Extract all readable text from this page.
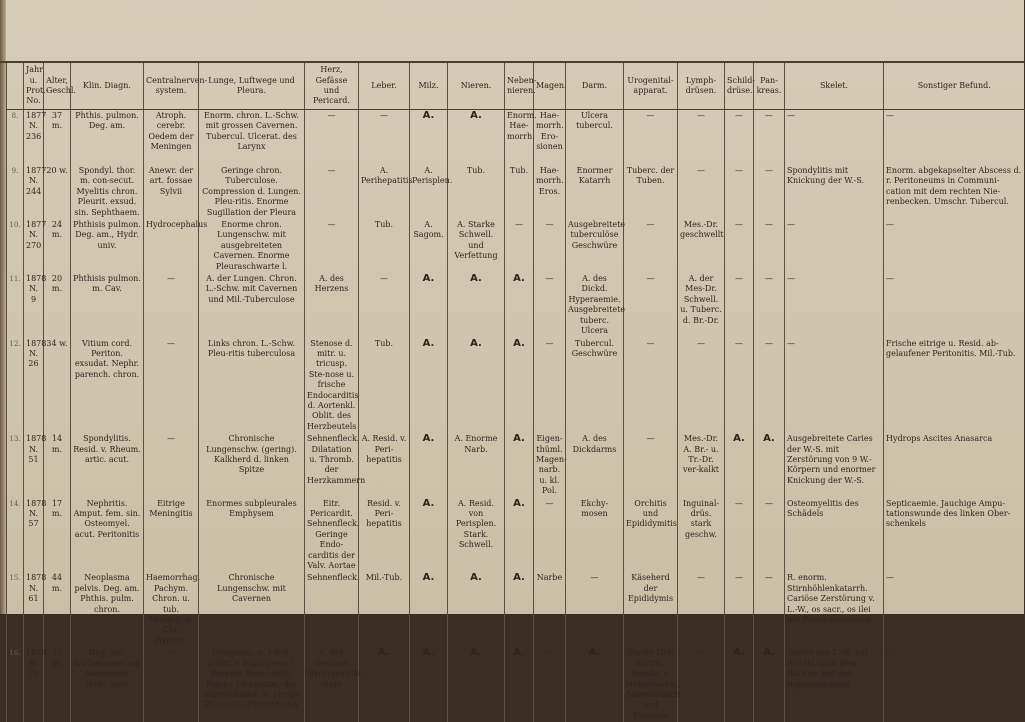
	Jahr u. Prot.-No.	Alter, Geschl.	Klin. Diagn.	Centralnerven-system.	Lunge, Luftwege und Pleura.	Herz, Gefässe und Pericard.	Leber.	Milz.	Nieren.	Neben-nieren.	Magen.	Darm.	Urogenital-apparat.	Lymph-drüsen.	Schild-drüse.	Pan-kreas.	Skelet.	Sonstiger Befund.
8.	1877 N. 236	37 m.	Phthis. pulmon. Deg. am.	Atroph. cerebr. Oedem der Meningen	Enorm. chron. L.-Schw. mit grossen Cavernen. Tubercul. Ulcerat. des Larynx	—	—	A.	A.	Enorm. Hae-morrh.	Hae-morrh. Ero-sionen	Ulcera tubercul.	—	—	—	—	—	—
9.	1877 N. 244	20 w.	Spondyl. thor. m. con-secut. Myelitis chron. Pleurit. exsud. sin. Sephthaem.	Anewr. der art. fossae Sylvii	Geringe chron. Tuberculose. Compression d. Lungen. Pleu-ritis. Enorme Sugillation der Pleura	—	A. Perihepatitis	A. Perisplen.	Tub.	Tub.	Hae-morrh. Eros.	Enormer Katarrh	Tuberc. der Tuben.	—	—	—	Spondylitis mit Knickung der W.-S.	Enorm. abgekapselter Abscess d. r. Peritoneums in Communi-cation mit dem rechten Nie-renbecken. Umschr. Tubercul.
10.	1877 N. 270	24 m.	Phthisis pulmon. Deg. am., Hydr. univ.	Hydrocephalus	Enorme chron. Lungenschw. mit ausgebreiteten Cavernen. Enorme Pleuraschwarte l.	—	Tub.	A. Sagom.	A. Starke Schwell. und Verfettung	—	—	Ausgebreitete tuberculöse Geschwüre	—	Mes.-Dr. geschwellt	—	—	—	—
11.	1878 N. 9	20 m.	Phthisis pulmon. m. Cav.	—	A. der Lungen. Chron. L.-Schw. mit Cavernen und Mil.-Tuberculose	A. des Herzens	—	A.	A.	A.	—	A. des Dickd. Hyperaemie. Ausgebreitete tuberc. Ulcera	—	A. der Mes-Dr. Schwell. u. Tuberc. d. Br.-Dr.	—	—	—	—
12.	1878 N. 26	34 w.	Vitium cord. Periton. exsudat. Nephr. parench. chron.	—	Links chron. L.-Schw. Pleu-ritis tuberculosa	Stenose d. mitr. u. tricusp. Ste-nose u. frische Endocarditis d. Aortenkl. Oblit. des Herzbeutels	Tub.	A.	A.	A.	—	Tubercul. Geschwüre	—	—	—	—	—	Frische eitrige u. Resid. ab-gelaufener Peritonitis. Mil.-Tub.
13.	1878 N. 51	14 m.	Spondylitis. Resid. v. Rheum. artic. acut.	—	Chronische Lungenschw. (gering). Kalkherd d. linken Spitze	Sehnenfleck. Dilatation u. Thromb. der Herzkammern	A. Resid. v. Peri-hepatitis	A.	A. Enorme Narb.	A.	Eigen-thüml. Magen-narb. u. kl. Pol.	A. des Dickdarms	—	Mes.-Dr. A. Br.- u. Tr.-Dr. ver-kalkt	A.	A.	Ausgebreitete Caries der W.-S. mit Zerstörung von 9 W.-Körpern und enormer Knickung der W.-S.	Hydrops Ascites Anasarca
14.	1878 N. 57	17 m.	Nephritis. Amput. fem. sin. Osteomyel. acut. Peritonitis	Eitrige Meningitis	Enormes subpleurales Emphysem	Eitr. Pericardit. Sehnenfleck. Geringe Endo-carditis der Valv. Aortae	Resid. v. Peri-hepatitis	A.	A. Resid. von Perisplen. Stark. Schwell.	A.	—	Ekchy-mosen	Orchitis und Epididymitis	Inguinal-drüs. stark geschw.	—	—	Osteomyelitis des Schädels	Septicaemie. Jauchige Ampu-tationswunde des linken Ober-schenkels
15.	1878 N. 61	44 m.	Neoplasma pelvis. Deg. am. Phthis. pulm. chron.	Haemorrhag. Pachym. Chron. u. tub. Mening. d. Chr. Hydroc.	Chronische Lungenschw. mit Cavernen	Sehnenfleck.	Mil.-Tub.	A.	A.	A.	Narbe	—	Käseherd der Epididymis	—	—	—	R. enorm. Stirnhöhlenkatarrh. Cariöse Zerstörung v. L.-W., os sacr., os ilei mit Psoas-abscessen.	—
16.	1878 N. 73	35 m.	Deg. am. Wirbelcaries mit Abscessen. Hydr. univ.	—	Compress. u. lobul. Infiltr. r. Emphysem l. Enorme Bron-chitis. Flache Ulceration. der Stimmbänder. R. eitrige Pleu-ritis. Hydrothorax	A. der Herzens. Hydropericar-dium	A.	A.	A.	A.	—	A.	Starke Ure-thritis. Verkäs. v. Nebenhoden, Samenbläsch. und Prostata	—	A.	A.	Caries von L.-W. mit Fisteln nach dem Rücken und der Inguinalgegend	—
